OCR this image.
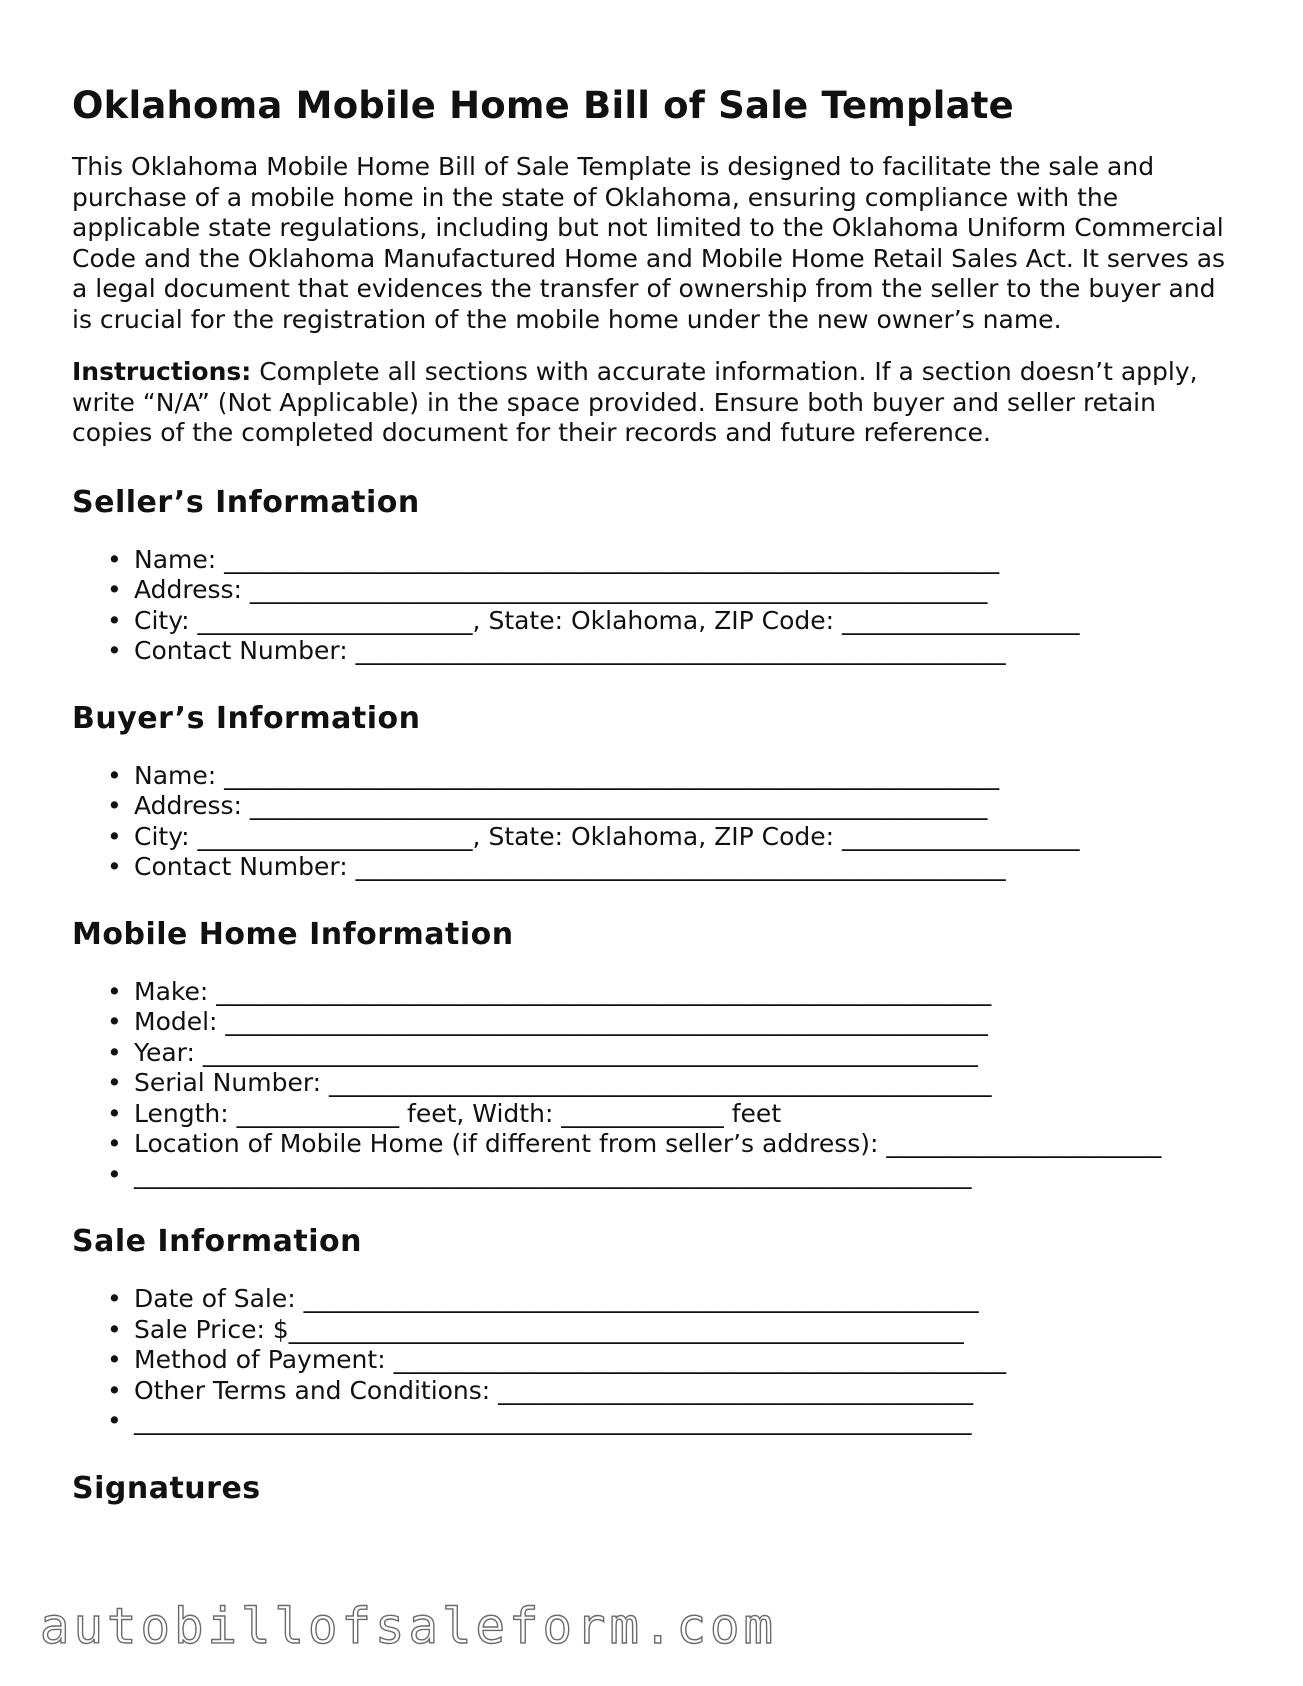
Oklahoma Mobile Home Bill of Sale Template

This Oklahoma Mobile Home Bill of Sale Template is designed to facilitate the sale and purchase of a mobile home in the state of Oklahoma, ensuring compliance with the applicable state regulations, including but not limited to the Oklahoma Uniform Commercial Code and the Oklahoma Manufactured Home and Mobile Home Retail Sales Act. It serves as a legal document that evidences the transfer of ownership from the seller to the buyer and is crucial for the registration of the mobile home under the new owner’s name.

Instructions: Complete all sections with accurate information. If a section doesn’t apply, write “N/A” (Not Applicable) in the space provided. Ensure both buyer and seller retain copies of the completed document for their records and future reference.

Seller’s Information
• Name: ______________________________________________________________
• Address: ___________________________________________________________
• City: ______________________, State: Oklahoma, ZIP Code: ___________________
• Contact Number: ____________________________________________________
Buyer’s Information
• Name: ______________________________________________________________
• Address: ___________________________________________________________
• City: ______________________, State: Oklahoma, ZIP Code: ___________________
• Contact Number: ____________________________________________________
Mobile Home Information
• Make: ______________________________________________________________
• Model: _____________________________________________________________
• Year: ______________________________________________________________
• Serial Number: _____________________________________________________
• Length: _____________ feet, Width: _____________ feet
• Location of Mobile Home (if different from seller’s address): ______________________
• ___________________________________________________________________
Sale Information
• Date of Sale: ______________________________________________________
• Sale Price: $______________________________________________________
• Method of Payment: _________________________________________________
• Other Terms and Conditions: ______________________________________
• ___________________________________________________________________
Signatures
autobillofsaleform.com
